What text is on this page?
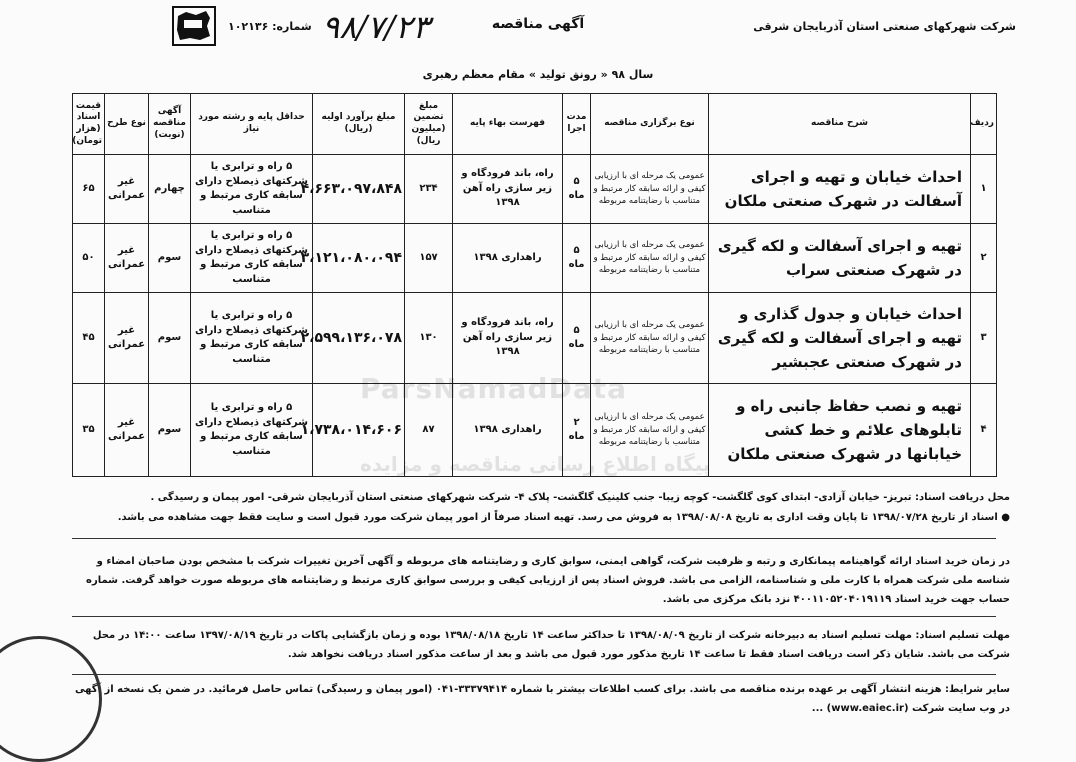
شرکت شهرکهای صنعتی استان آذربایجان شرقی
آگهی مناقصه
۹۸/۷/۲۳
شماره: ۱۰۲۱۳۶
سال ۹۸ « رونق تولید » مقام معظم رهبری
ردیف	شرح مناقصه	نوع برگزاری مناقصه	مدت اجرا	فهرست بهاء پایه	مبلغ تضمین (میلیون ریال)	مبلغ برآورد اولیه (ریال)	حداقل پایه و رشته مورد نیاز	آگهی مناقصه (نوبت)	نوع طرح	قیمت اسناد (هزار تومان)
۱	احداث خیابان و تهیه و اجرای آسفالت در شهرک صنعتی ملکان	عمومی یک مرحله ای با ارزیابی کیفی و ارائه سابقه کار مرتبط و متناسب با رضایتنامه مربوطه	۵ ماه	راه، باند فرودگاه و زیر سازی راه آهن ۱۳۹۸	۲۳۴	۴،۶۶۳،۰۹۷،۸۴۸	۵ راه و ترابری یا شرکتهای ذیصلاح دارای سابقه کاری مرتبط و متناسب	چهارم	غیر عمرانی	۶۵
۲	تهیه و اجرای آسفالت و لکه گیری در شهرک صنعتی سراب	عمومی یک مرحله ای با ارزیابی کیفی و ارائه سابقه کار مرتبط و متناسب با رضایتنامه مربوطه	۵ ماه	راهداری ۱۳۹۸	۱۵۷	۳،۱۲۱،۰۸۰،۰۹۴	۵ راه و ترابری یا شرکتهای ذیصلاح دارای سابقه کاری مرتبط و متناسب	سوم	غیر عمرانی	۵۰
۳	احداث خیابان و جدول گذاری و تهیه و اجرای آسفالت و لکه گیری در شهرک صنعتی عجبشیر	عمومی یک مرحله ای با ارزیابی کیفی و ارائه سابقه کار مرتبط و متناسب با رضایتنامه مربوطه	۵ ماه	راه، باند فرودگاه و زیر سازی راه آهن ۱۳۹۸	۱۳۰	۲،۵۹۹،۱۳۶،۰۷۸	۵ راه و ترابری یا شرکتهای ذیصلاح دارای سابقه کاری مرتبط و متناسب	سوم	غیر عمرانی	۴۵
۴	تهیه و نصب حفاظ جانبی راه و تابلوهای علائم و خط کشی خیابانها در شهرک صنعتی ملکان	عمومی یک مرحله ای با ارزیابی کیفی و ارائه سابقه کار مرتبط و متناسب با رضایتنامه مربوطه	۲ ماه	راهداری ۱۳۹۸	۸۷	۱،۷۳۸،۰۱۴،۶۰۶	۵ راه و ترابری یا شرکتهای ذیصلاح دارای سابقه کاری مرتبط و متناسب	سوم	غیر عمرانی	۳۵
ParsNamadData
پیگاه اطلاع رسانی مناقصه و مزایده
محل دریافت اسناد: تبریز- خیابان آزادی- ابتدای کوی گلگشت- کوچه زیبا- جنب کلینیک گلگشت- پلاک ۴- شرکت شهرکهای صنعتی استان آذربایجان شرقی- امور پیمان و رسیدگی .
● اسناد از تاریخ ۱۳۹۸/۰۷/۲۸ تا پایان وقت اداری به تاریخ ۱۳۹۸/۰۸/۰۸ به فروش می رسد. تهیه اسناد صرفاً از امور پیمان شرکت مورد قبول است و سایت فقط جهت مشاهده می باشد.
در زمان خرید اسناد ارائه گواهینامه پیمانکاری و رتبه و ظرفیت شرکت، گواهی ایمنی، سوابق کاری و رضایتنامه های مربوطه و آگهی آخرین تغییرات شرکت با مشخص بودن صاحبان امضاء و شناسه ملی شرکت همراه با کارت ملی و شناسنامه، الزامی می باشد. فروش اسناد پس از ارزیابی کیفی و بررسی سوابق کاری مرتبط و رضایتنامه های مربوطه صورت خواهد گرفت. شماره حساب جهت خرید اسناد ۴۰۰۱۱۰۵۲۰۴۰۱۹۱۱۹ نزد بانک مرکزی می باشد.
مهلت تسلیم اسناد: مهلت تسلیم اسناد به دبیرخانه شرکت از تاریخ ۱۳۹۸/۰۸/۰۹ تا حداکثر ساعت ۱۴ تاریخ ۱۳۹۸/۰۸/۱۸ بوده و زمان بازگشایی پاکات در تاریخ ۱۳۹۷/۰۸/۱۹ ساعت ۱۴:۰۰ در محل شرکت می باشد. شایان ذکر است دریافت اسناد فقط تا ساعت ۱۴ تاریخ مذکور مورد قبول می باشد و بعد از ساعت مذکور اسناد دریافت نخواهد شد.
سایر شرایط: هزینه انتشار آگهی بر عهده برنده مناقصه می باشد. برای کسب اطلاعات بیشتر با شماره ۳۳۳۷۹۴۱۴-۰۴۱ (امور پیمان و رسیدگی) تماس حاصل فرمائید. در ضمن یک نسخه از آگهی در وب سایت شرکت (www.eaiec.ir) ...
